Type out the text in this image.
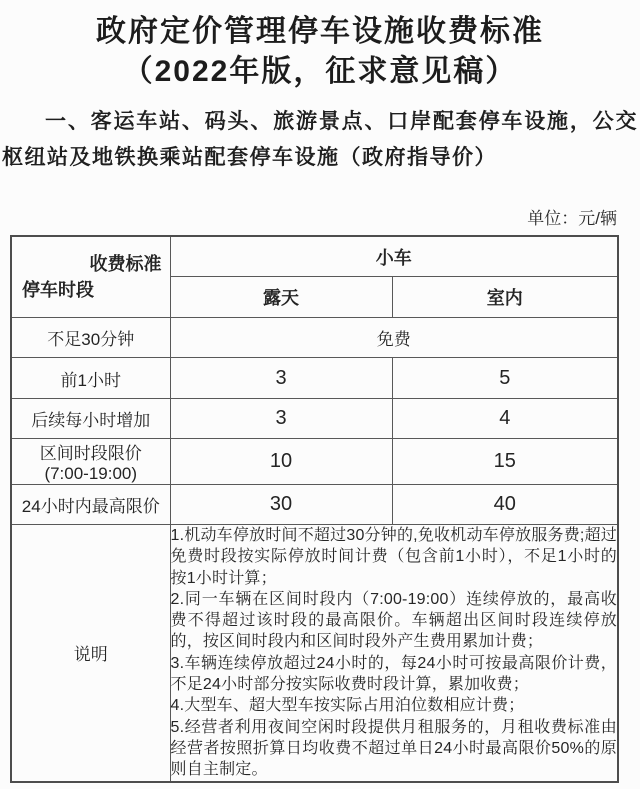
政府定价管理停车设施收费标准
（2022年版，征求意见稿）
一、客运车站、码头、旅游景点、口岸配套停车设施，公交枢纽站及地铁换乘站配套停车设施（政府指导价）
单位：元/辆
收费标准
停车时段	小车	
	露天	室内
不足30分钟	免费	
前1小时	3	5
后续每小时增加	3	4

区间时段限价
(7:00-19:00)	10	15
24小时内最高限价	30	40
说明	1.机动车停放时间不超过30分钟的,免收机动车停放服务费;超过免费时段按实际停放时间计费（包含前1小时），不足1小时的按1小时计算；
2.同一车辆在区间时段内（7:00-19:00）连续停放的，最高收费不得超过该时段的最高限价。车辆超出区间时段连续停放的，按区间时段内和区间时段外产生费用累加计费；
3.车辆连续停放超过24小时的，每24小时可按最高限价计费，不足24小时部分按实际收费时段计算，累加收费；
4.大型车、超大型车按实际占用泊位数相应计费；
5.经营者利用夜间空闲时段提供月租服务的，月租收费标准由经营者按照折算日均收费不超过单日24小时最高限价50%的原则自主制定。	
